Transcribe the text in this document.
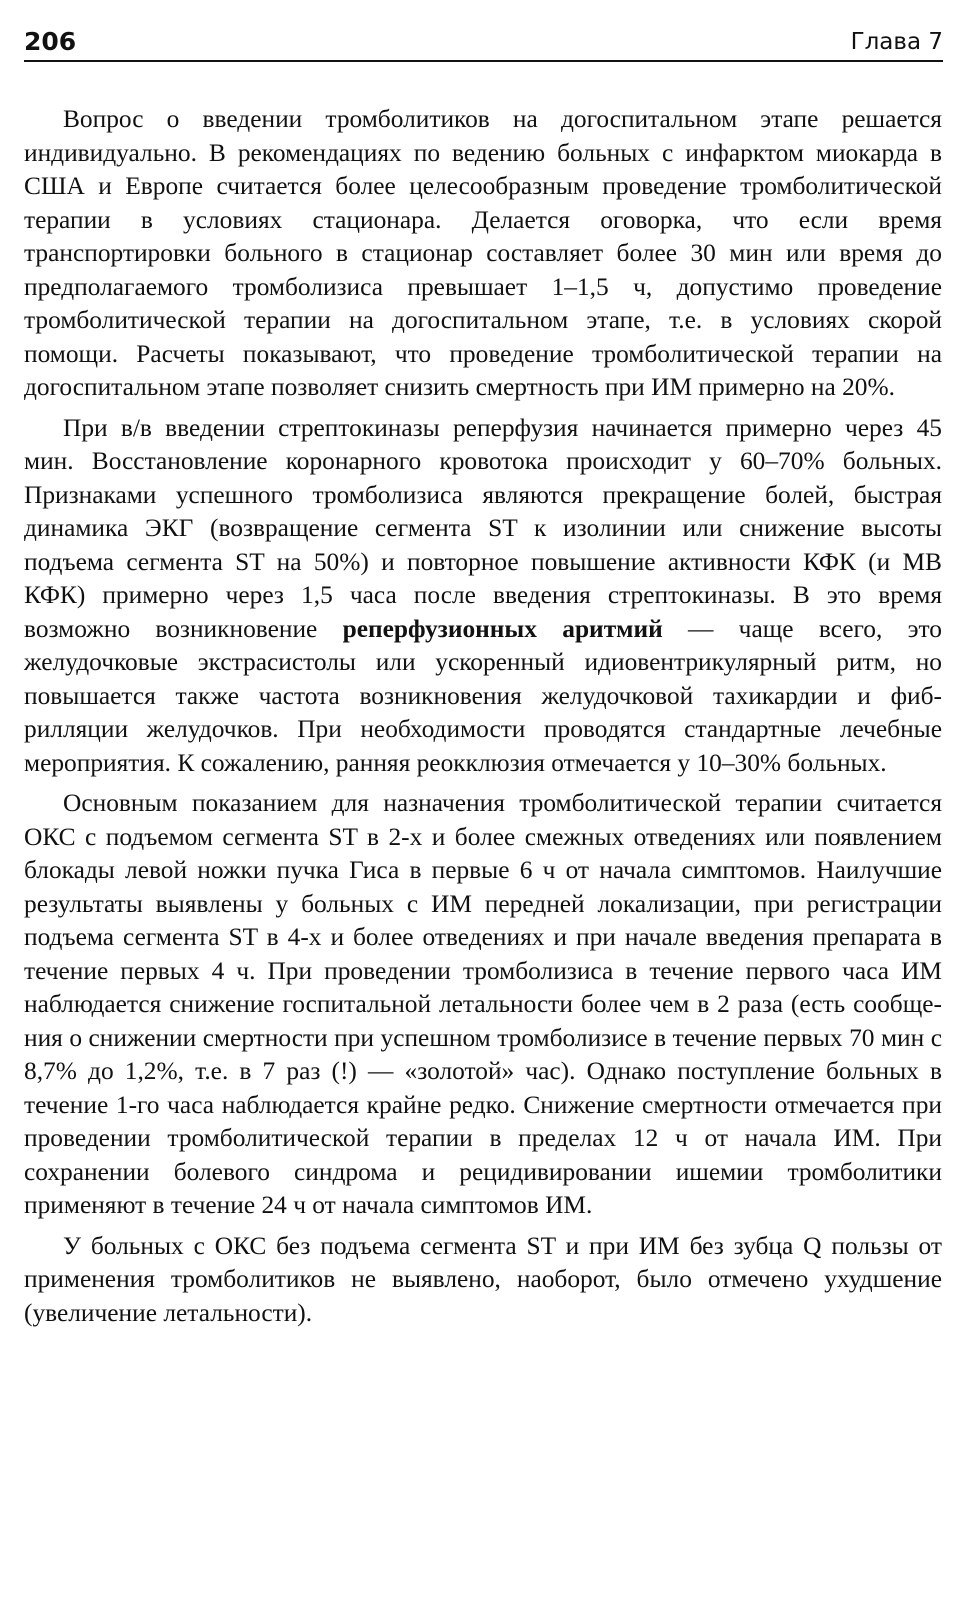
206	Глава 7

Вопрос о введении тромболитиков на догоспитальном этапе решается индивидуально. В рекомендациях по ведению больных с инфарктом миокарда в США и Европе считается более целесообразным проведение тромболитической терапии в условиях стационара. Делается оговорка, что если время транспортировки больного в стационар составляет более 30 мин или время до предполагаемого тромболизиса превышает 1–1,5 ч, допустимо проведение тромболитической терапии на догоспитальном этапе, т.е. в условиях скорой помощи. Расчеты показывают, что проведение тромболитической терапии на догоспитальном этапе позволяет снизить смертность при ИМ примерно на 20%.

При в/в введении стрептокиназы реперфузия начинается примерно через 45 мин. Восстановление коронарного кровотока происходит у 60–70% больных. Признаками успешного тромболизиса являются прекращение болей, быстрая динамика ЭКГ (возвращение сегмента ST к изолинии или снижение высоты подъема сегмента ST на 50%) и повторное повышение активности КФК (и МВ КФК) примерно через 1,5 часа после введения стрептокиназы. В это время возможно возникновение реперфузионных аритмий — чаще всего, это желудочковые экстрасистолы или ускоренный идиовентрикулярный ритм, но повышается также частота возникновения желудочковой тахикардии и фибрилляции желудочков. При необходимости проводятся стандартные лечебные мероприятия. К сожалению, ранняя реокклюзия отмечается у 10–30% больных.

Основным показанием для назначения тромболитической терапии считается ОКС с подъемом сегмента ST в 2-х и более смежных отведениях или появлением блокады левой ножки пучка Гиса в первые 6 ч от начала симптомов. Наилучшие результаты выявлены у больных с ИМ передней локализации, при регистрации подъема сегмента ST в 4-х и более отведениях и при начале введения препарата в течение первых 4 ч. При проведении тромболизиса в течение первого часа ИМ наблюдается снижение госпитальной летальности более чем в 2 раза (есть сообщения о снижении смертности при успешном тромболизисе в течение первых 70 мин с 8,7% до 1,2%, т.е. в 7 раз (!) — «золотой» час). Однако поступление больных в течение 1-го часа наблюдается крайне редко. Снижение смертности отмечается при проведении тромболитической терапии в пределах 12 ч от начала ИМ. При сохранении болевого синдрома и рецидивировании ишемии тромболитики применяют в течение 24 ч от начала симптомов ИМ.

У больных с ОКС без подъема сегмента ST и при ИМ без зубца Q пользы от применения тромболитиков не выявлено, наоборот, было отмечено ухудшение (увеличение летальности).
